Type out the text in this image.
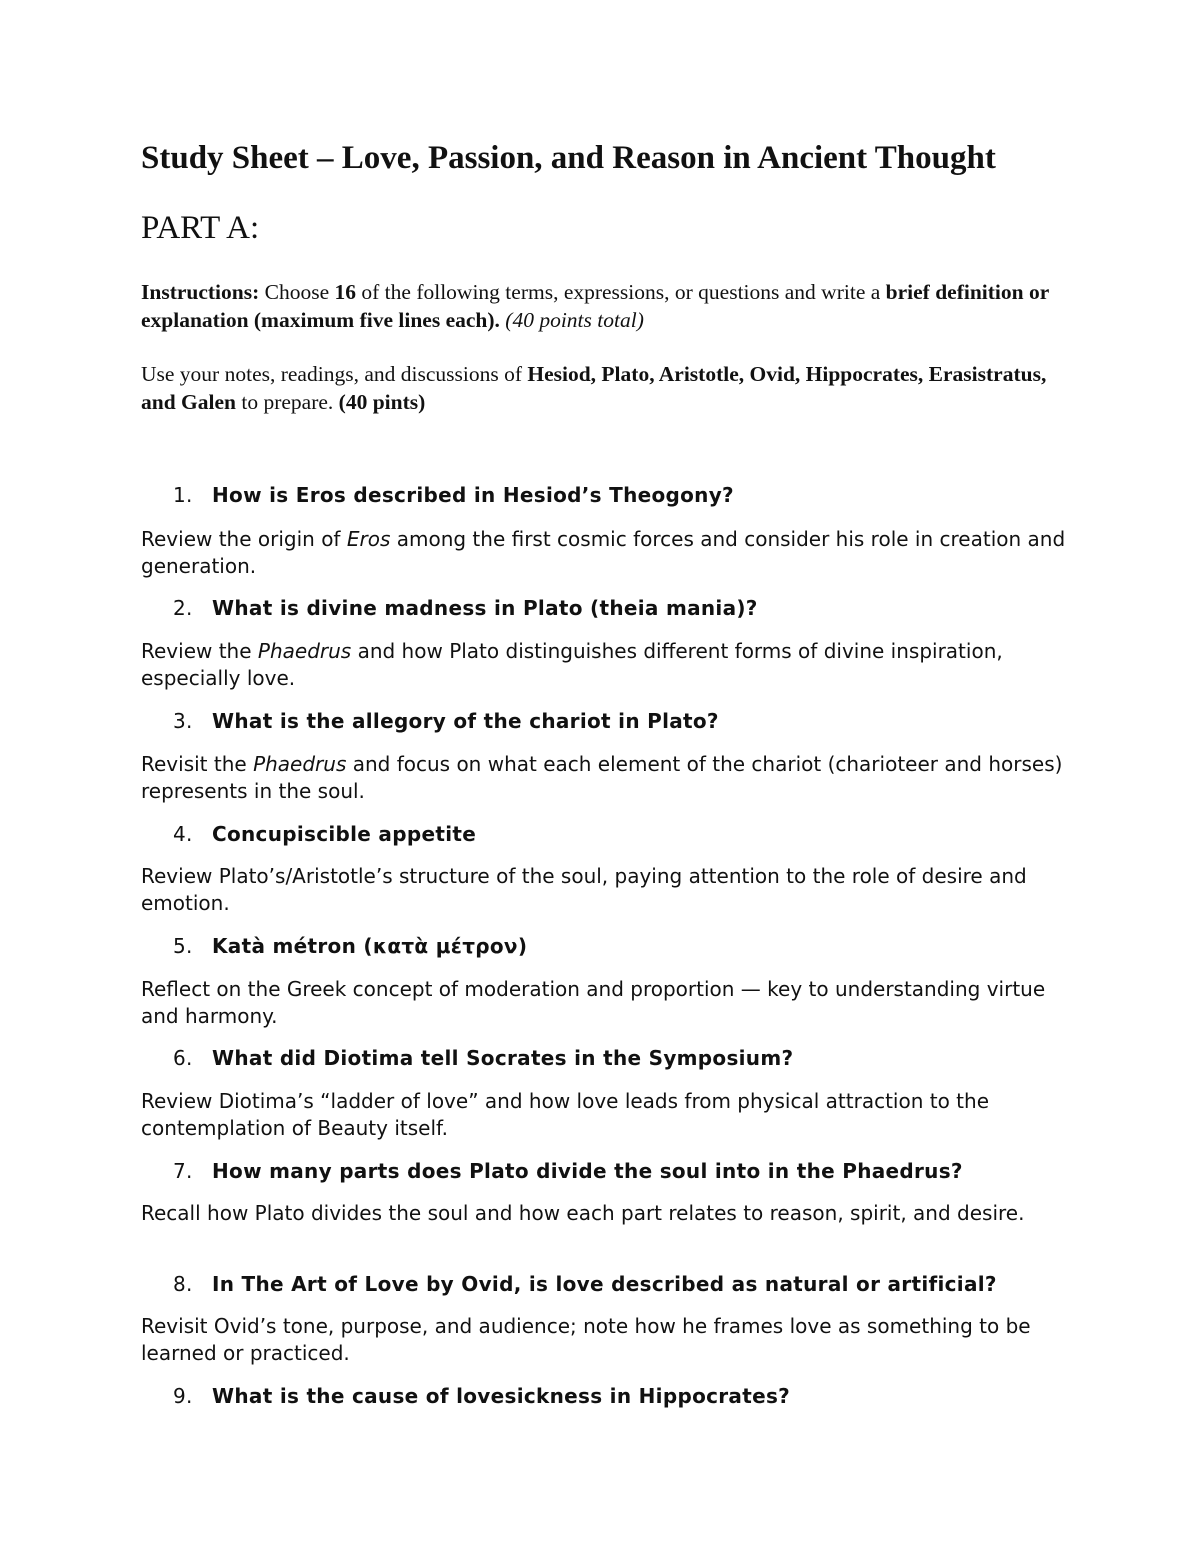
Study Sheet – Love, Passion, and Reason in Ancient Thought
PART A:

Instructions: Choose 16 of the following terms, expressions, or questions and write a brief definition or explanation (maximum five lines each). (40 points total)

Use your notes, readings, and discussions of Hesiod, Plato, Aristotle, Ovid, Hippocrates, Erasistratus, and Galen to prepare. (40 pints)

1. How is Eros described in Hesiod’s Theogony?

Review the origin of Eros among the first cosmic forces and consider his role in creation and generation.

2. What is divine madness in Plato (theia mania)?

Review the Phaedrus and how Plato distinguishes different forms of divine inspiration, especially love.

3. What is the allegory of the chariot in Plato?

Revisit the Phaedrus and focus on what each element of the chariot (charioteer and horses) represents in the soul.

4. Concupiscible appetite

Review Plato’s/Aristotle’s structure of the soul, paying attention to the role of desire and emotion.

5. Katà métron (κατὰ μέτρον)

Reflect on the Greek concept of moderation and proportion — key to understanding virtue and harmony.

6. What did Diotima tell Socrates in the Symposium?

Review Diotima’s “ladder of love” and how love leads from physical attraction to the contemplation of Beauty itself.

7. How many parts does Plato divide the soul into in the Phaedrus?

Recall how Plato divides the soul and how each part relates to reason, spirit, and desire.

8. In The Art of Love by Ovid, is love described as natural or artificial?

Revisit Ovid’s tone, purpose, and audience; note how he frames love as something to be learned or practiced.

9. What is the cause of lovesickness in Hippocrates?
